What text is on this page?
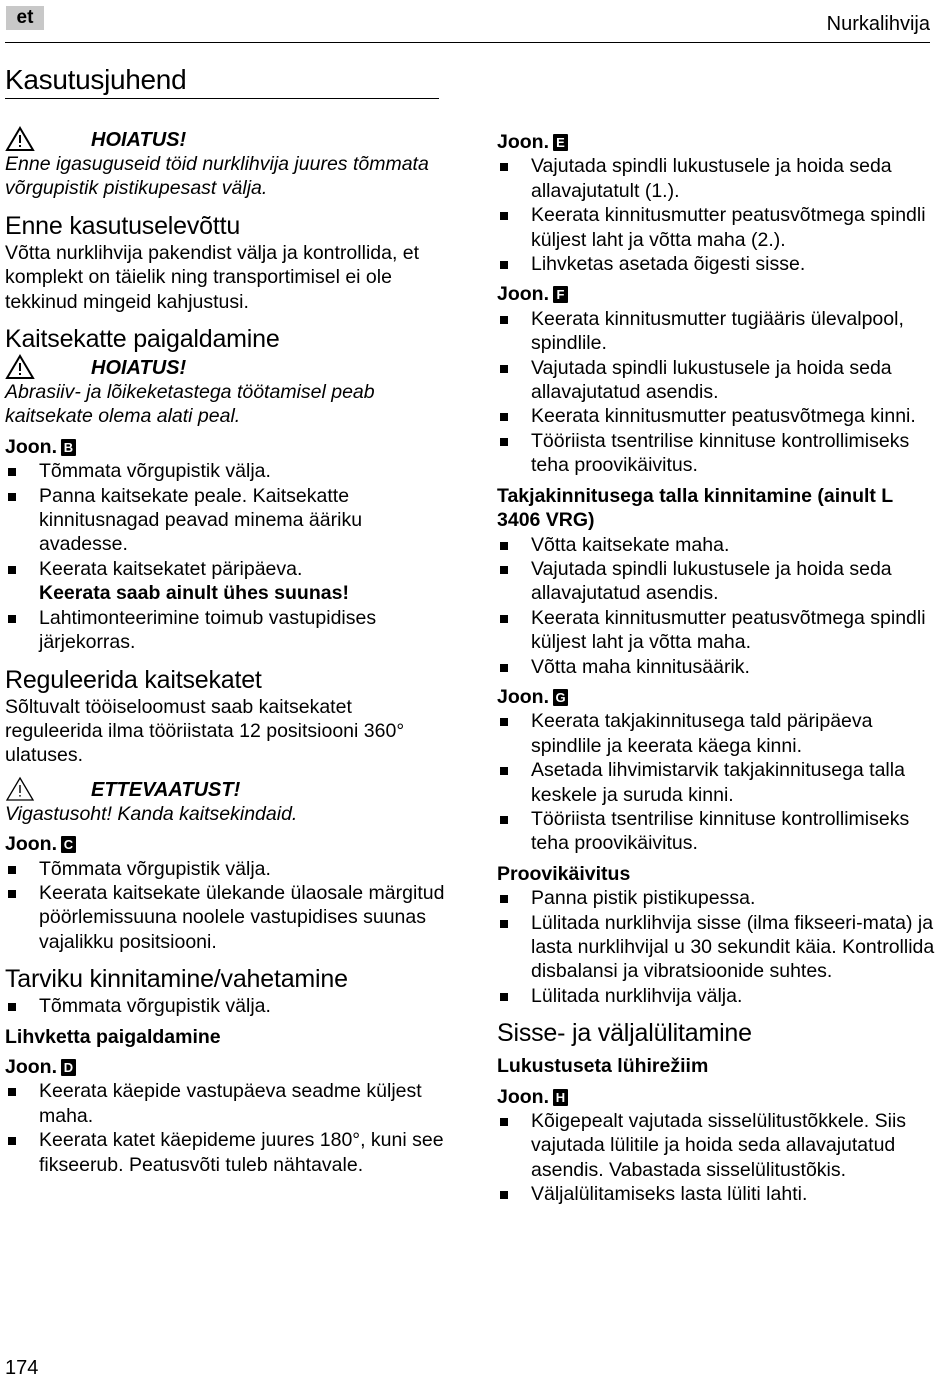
et	Nurkalihvija
Kasutusjuhend
HOIATUS!
Enne igasuguseid töid nurklihvija juures tõmmata võrgupistik pistikupesast välja.
Enne kasutuselevõttu

Võtta nurklihvija pakendist välja ja kontrollida, et komplekt on täielik ning transportimisel ei ole tekkinud mingeid kahjustusi.

Kaitsekatte paigaldamine
HOIATUS!
Abrasiiv- ja lõikeketastega töötamisel peab kaitsekate olema alati peal.
Joon. B
Tõmmata võrgupistik välja.
Panna kaitsekate peale. Kaitsekatte kinnitusnagad peavad minema ääriku avadesse.
Keerata kaitsekatet päripäeva.
Keerata saab ainult ühes suunas!
Lahtimonteerimine toimub vastupidises järjekorras.
Reguleerida kaitsekatet

Sõltuvalt tööiseloomust saab kaitsekatet reguleerida ilma tööriistata 12 positsiooni 360° ulatuses.

ETTEVAATUST!
Vigastusoht! Kanda kaitsekindaid.
Joon. C
Tõmmata võrgupistik välja.
Keerata kaitsekate ülekande ülaosale märgitud pöörlemissuuna noolele vastupidises suunas vajalikku positsiooni.
Tarviku kinnitamine/vahetamine
Tõmmata võrgupistik välja.
Lihvketta paigaldamine
Joon. D
Keerata käepide vastupäeva seadme küljest maha.
Keerata katet käepideme juures 180°, kuni see fikseerub. Peatusvõti tuleb nähtavale.
Joon. E
Vajutada spindli lukustusele ja hoida seda allavajutatult (1.).
Keerata kinnitusmutter peatusvõtmega spindli küljest laht ja võtta maha (2.).
Lihvketas asetada õigesti sisse.
Joon. F
Keerata kinnitusmutter tugiääris ülevalpool, spindlile.
Vajutada spindli lukustusele ja hoida seda allavajutatud asendis.
Keerata kinnitusmutter peatusvõtmega kinni.
Tööriista tsentrilise kinnituse kontrollimiseks teha proovikäivitus.
Takjakinnitusega talla kinnitamine (ainult L 3406 VRG)
Võtta kaitsekate maha.
Vajutada spindli lukustusele ja hoida seda allavajutatud asendis.
Keerata kinnitusmutter peatusvõtmega spindli küljest laht ja võtta maha.
Võtta maha kinnitusäärik.
Joon. G
Keerata takjakinnitusega tald päripäeva spindlile ja keerata käega kinni.
Asetada lihvimistarvik takjakinnitusega talla keskele ja suruda kinni.
Tööriista tsentrilise kinnituse kontrollimiseks teha proovikäivitus.
Proovikäivitus
Panna pistik pistikupessa.
Lülitada nurklihvija sisse (ilma fikseeri-mata) ja lasta nurklihvijal u 30 sekundit käia. Kontrollida disbalansi ja vibratsioonide suhtes.
Lülitada nurklihvija välja.
Sisse- ja väljalülitamine
Lukustuseta lühirežiim
Joon. H
Kõigepealt vajutada sisselülitustõkkele. Siis vajutada lülitile ja hoida seda allavajutatud asendis. Vabastada sisselülitustõkis.
Väljalülitamiseks lasta lüliti lahti.
174
